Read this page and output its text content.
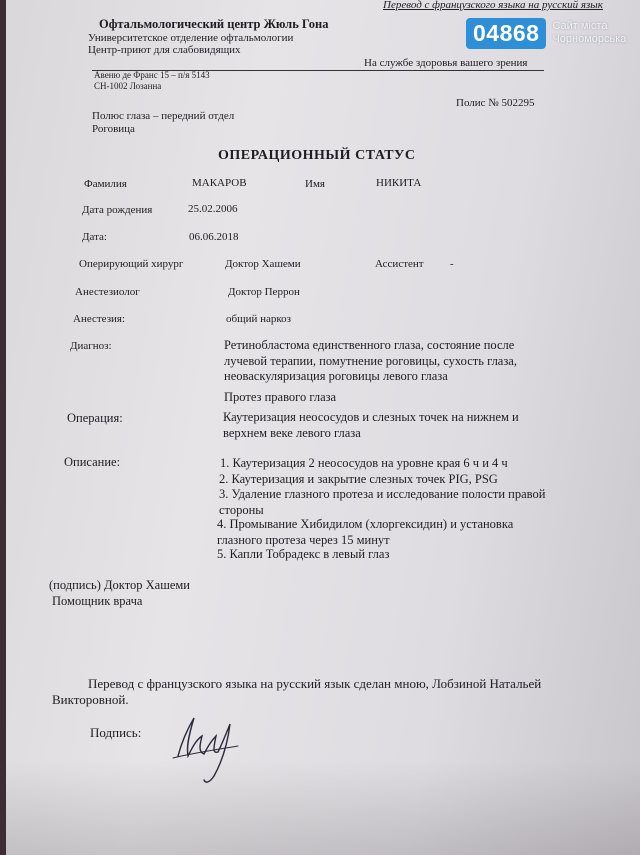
Перевод с французского языка на русский язык
04868	Сайт міста
Чорноморська
Офтальмологический центр Жюль Гона
Университетское отделение офтальмологии
Центр-приют для слабовидящих
На службе здоровья вашего зрения
Авеню де Франс 15 – п/я 5143
CH-1002 Лозанна
Полис № 502295
Полюс глаза – передний отдел
Роговица
ОПЕРАЦИОННЫЙ СТАТУС
Фамилия	МАКАРОВ	Имя	НИКИТА
Дата рождения	25.02.2006
Дата:	06.06.2018
Оперирующий хирург	Доктор Хашеми	Ассистент -
Анестезиолог	Доктор Перрон
Анестезия:	общий наркоз
Диагноз:	Ретинобластома единственного глаза, состояние после лучевой терапии, помутнение роговицы, сухость глаза, неоваскуляризация роговицы левого глаза
Протез правого глаза
Операция:	Каутеризация неососудов и слезных точек на нижнем и верхнем веке левого глаза
Описание:	1. Каутеризация 2 неососудов на уровне края 6 ч и 4 ч
2. Каутеризация и закрытие слезных точек PIG, PSG
3. Удаление глазного протеза и исследование полости правой стороны
4. Промывание Хибидилом (хлоргексидин) и установка глазного протеза через 15 минут
5. Капли Тобрадекс в левый глаз
(подпись) Доктор Хашеми
Помощник врача
Перевод с французского языка на русский язык сделан мною, Лобзиной Натальей Викторовной.
Подпись:
